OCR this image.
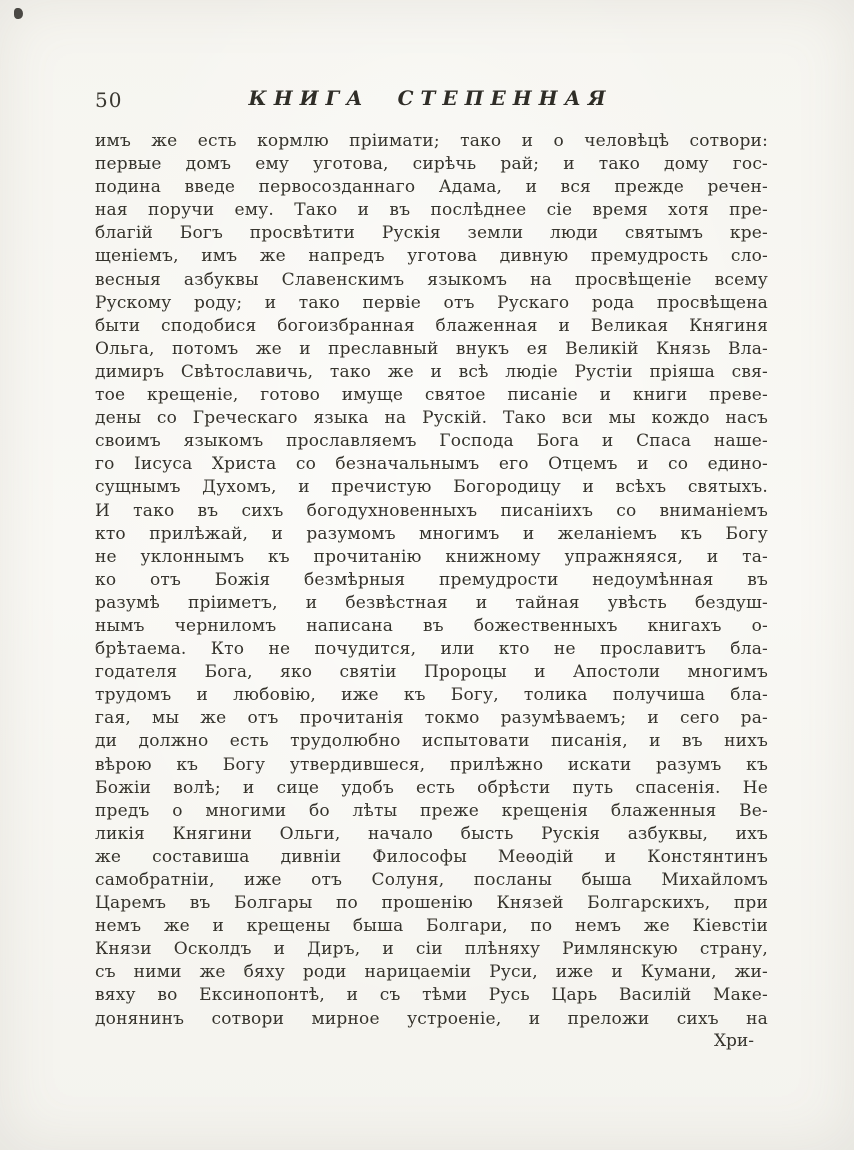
50	КНИГА СТЕПЕННАЯ
имъ же есть кормлю пріимати; тако и о человѣцѣ сотвори:
первые домъ ему уготова, сирѣчь рай; и тако дому гос-
подина введе первосозданнаго Адама, и вся прежде речен-
ная поручи ему. Тако и въ послѣднее сіе время хотя пре-
благій Богъ просвѣтити Рускія земли люди святымъ кре-
щеніемъ, имъ же напредъ уготова дивную премудрость сло-
весныя азбуквы Славенскимъ языкомъ на просвѣщеніе всему
Рускому роду; и тако первіе отъ Рускаго рода просвѣщена
быти сподобися богоизбранная блаженная и Великая Княгиня
Ольга, потомъ же и преславный внукъ ея Великій Князь Вла-
димиръ Свѣтославичь, тако же и всѣ людіе Рустіи пріяша свя-
тое крещеніе, готово имуще святое писаніе и книги преве-
дены со Греческаго языка на Рускій. Тако вси мы кождо насъ
своимъ языкомъ прославляемъ Господа Бога и Спаса наше-
го Іисуса Христа со безначальнымъ его Отцемъ и со едино-
сущнымъ Духомъ, и пречистую Богородицу и всѣхъ святыхъ.
И тако въ сихъ богодухновенныхъ писаніихъ со вниманіемъ
кто прилѣжай, и разумомъ многимъ и желаніемъ къ Богу
не уклоннымъ къ прочитанію книжному упражняяся, и та-
ко отъ Божія безмѣрныя премудрости недоумѣнная въ
разумѣ пріиметъ, и безвѣстная и тайная увѣсть бездуш-
нымъ черниломъ написана въ божественныхъ книгахъ о-
брѣтаема. Кто не почудится, или кто не прославитъ бла-
годателя Бога, яко святіи Пророцы и Апостоли многимъ
трудомъ и любовію, иже къ Богу, толика получиша бла-
гая, мы же отъ прочитанія токмо разумѣваемъ; и сего ра-
ди должно есть трудолюбно испытовати писанія, и въ нихъ
вѣрою къ Богу утвердившеся, прилѣжно искати разумъ къ
Божіи волѣ; и сице удобъ есть обрѣсти путь спасенія. Не
предъ о многими бо лѣты преже крещенія блаженныя Ве-
ликія Княгини Ольги, начало бысть Рускія азбуквы, ихъ
же составиша дивніи Философы Меѳодій и Констянтинъ
самобратніи, иже отъ Солуня, посланы быша Михайломъ
Царемъ въ Болгары по прошенію Князей Болгарскихъ, при
немъ же и крещены быша Болгари, по немъ же Кіевстіи
Князи Осколдъ и Диръ, и сіи плѣняху Римлянскую страну,
съ ними же бяху роди нарицаеміи Руси, иже и Кумани, жи-
вяху во Ексинопонтѣ, и съ тѣми Русь Царь Василій Маке-
донянинъ сотвори мирное устроеніе, и преложи сихъ на
Хри-
